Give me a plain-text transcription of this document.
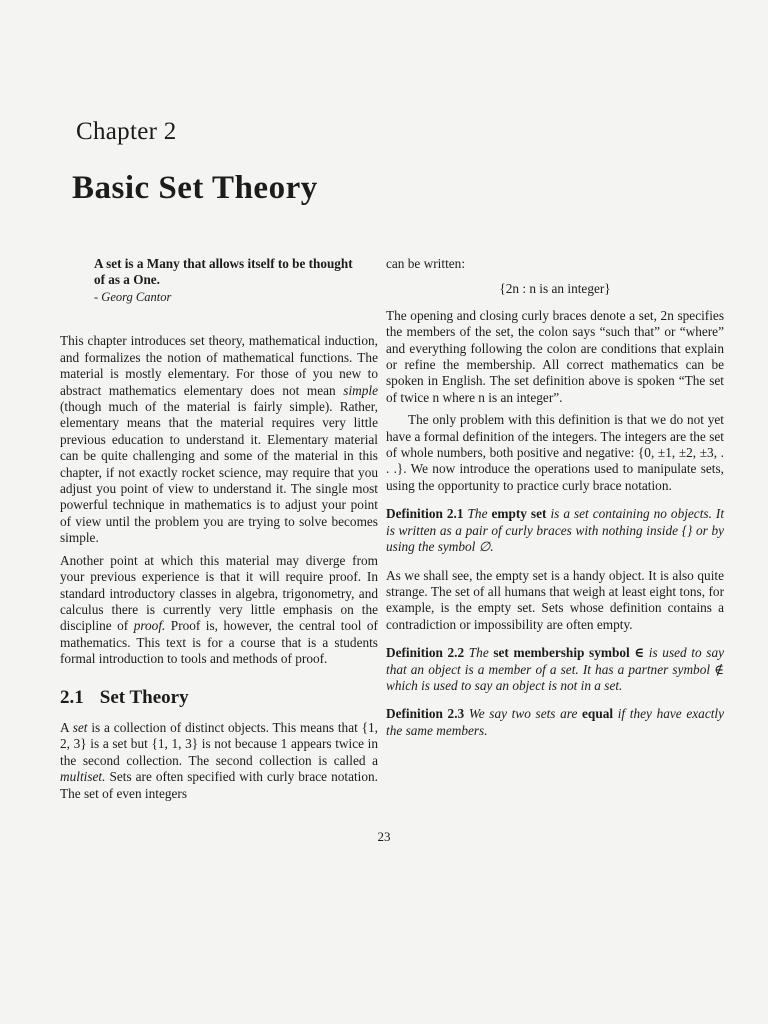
Chapter 2
Basic Set Theory
A set is a Many that allows itself to be thought of as a One.
- Georg Cantor

This chapter introduces set theory, mathematical induction, and formalizes the notion of mathematical functions. The material is mostly elementary. For those of you new to abstract mathematics elementary does not mean simple (though much of the material is fairly simple). Rather, elementary means that the material requires very little previous education to understand it. Elementary material can be quite challenging and some of the material in this chapter, if not exactly rocket science, may require that you adjust you point of view to understand it. The single most powerful technique in mathematics is to adjust your point of view until the problem you are trying to solve becomes simple.

Another point at which this material may diverge from your previous experience is that it will require proof. In standard introductory classes in algebra, trigonometry, and calculus there is currently very little emphasis on the discipline of proof. Proof is, however, the central tool of mathematics. This text is for a course that is a students formal introduction to tools and methods of proof.

2.1 Set Theory

A set is a collection of distinct objects. This means that {1, 2, 3} is a set but {1, 1, 3} is not because 1 appears twice in the second collection. The second collection is called a multiset. Sets are often specified with curly brace notation. The set of even integers

can be written:

{2n : n is an integer}

The opening and closing curly braces denote a set, 2n specifies the members of the set, the colon says “such that” or “where” and everything following the colon are conditions that explain or refine the membership. All correct mathematics can be spoken in English. The set definition above is spoken “The set of twice n where n is an integer”.

The only problem with this definition is that we do not yet have a formal definition of the integers. The integers are the set of whole numbers, both positive and negative: {0, ±1, ±2, ±3, . . .}. We now introduce the operations used to manipulate sets, using the opportunity to practice curly brace notation.

Definition 2.1 The empty set is a set containing no objects. It is written as a pair of curly braces with nothing inside {} or by using the symbol ∅.

As we shall see, the empty set is a handy object. It is also quite strange. The set of all humans that weigh at least eight tons, for example, is the empty set. Sets whose definition contains a contradiction or impossibility are often empty.

Definition 2.2 The set membership symbol ∈ is used to say that an object is a member of a set. It has a partner symbol ∉ which is used to say an object is not in a set.
Definition 2.3 We say two sets are equal if they have exactly the same members.
23
